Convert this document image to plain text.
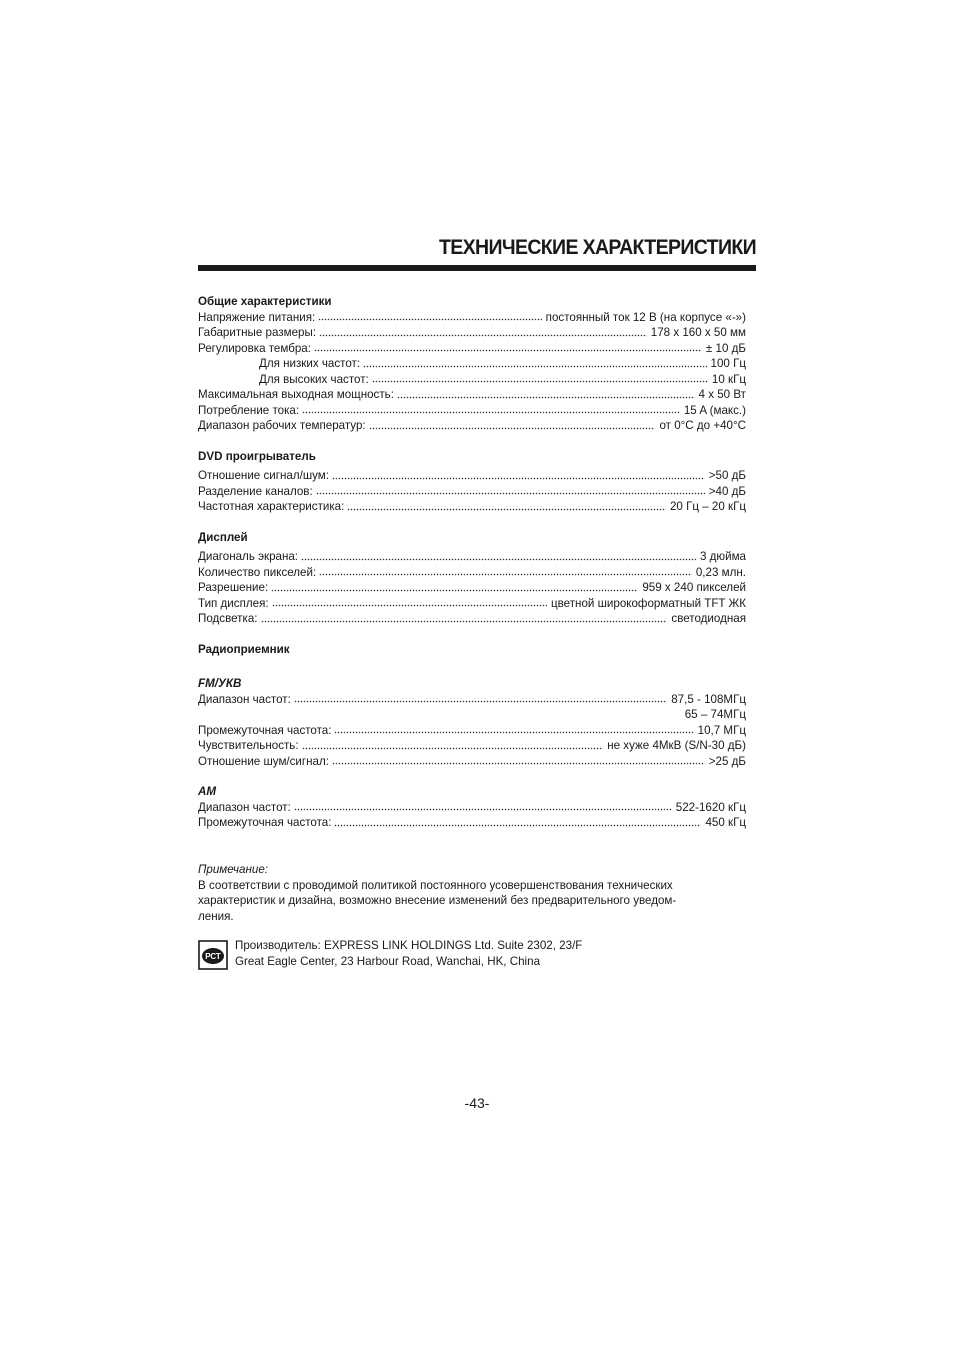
ТЕХНИЧЕСКИЕ ХАРАКТЕРИСТИКИ
Общие характеристики
Напряжение питания:	постоянный ток 12 В (на корпусе «-»)
Габаритные размеры:	178 x 160 x 50 мм
Регулировка тембра:	± 10 дБ
Для низких частот:	100 Гц
Для высоких частот:	10 кГц
Максимальная выходная мощность:	4 x 50 Вт
Потребление тока:	15 A (макс.)
Диапазон рабочих температур:	от 0°С до +40°С
DVD проигрыватель
Отношение сигнал/шум:	>50 дБ
Разделение каналов:	>40 дБ
Частотная характеристика:	20 Гц – 20 кГц
Дисплей
Диагональ экрана:	3 дюйма
Количество пикселей:	0,23 млн.
Разрешение:	959 x 240 пикселей
Тип дисплея:	цветной широкоформатный TFT ЖК
Подсветка:	светодиодная
Радиоприемник
FM/УКВ
Диапазон частот:	87,5 - 108МГц
65 – 74МГц
Промежуточная частота:	10,7 МГц
Чувствительность:	не хуже 4МкВ (S/N-30 дБ)
Отношение шум/сигнал:	>25 дБ
AM
Диапазон частот:	522-1620 кГц
Промежуточная частота:	450 кГц
Примечание:
В соответствии с проводимой политикой постоянного усовершенствования технических
характеристик и дизайна, возможно внесение изменений без предварительного уведом-
ления.
РСТ
Производитель: EXPRESS LINK HOLDINGS Ltd. Suite 2302, 23/F
Great Eagle Center, 23 Harbour Road, Wanchai, HK, China
-43-
